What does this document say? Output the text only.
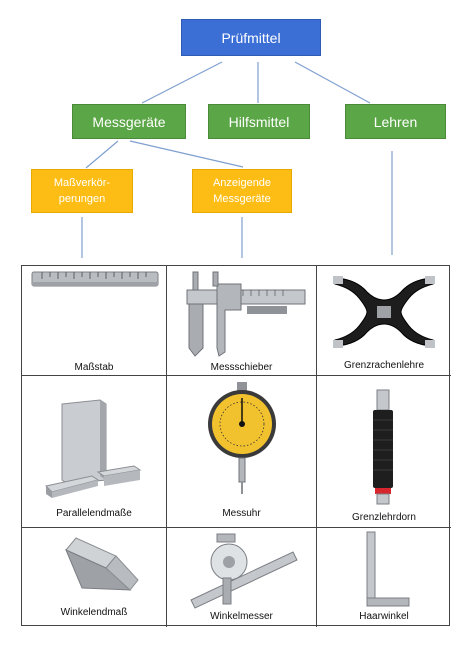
Prüfmittel
Messgeräte	Hilfsmittel	Lehren
Maßverkör-
perungen
Anzeigende
Messgeräte
Maßstab	Messschieber	Grenzrachenlehre
Parallelendmaße	Messuhr	Grenzlehrdorn
Winkelendmaß	Winkelmesser	Haarwinkel
